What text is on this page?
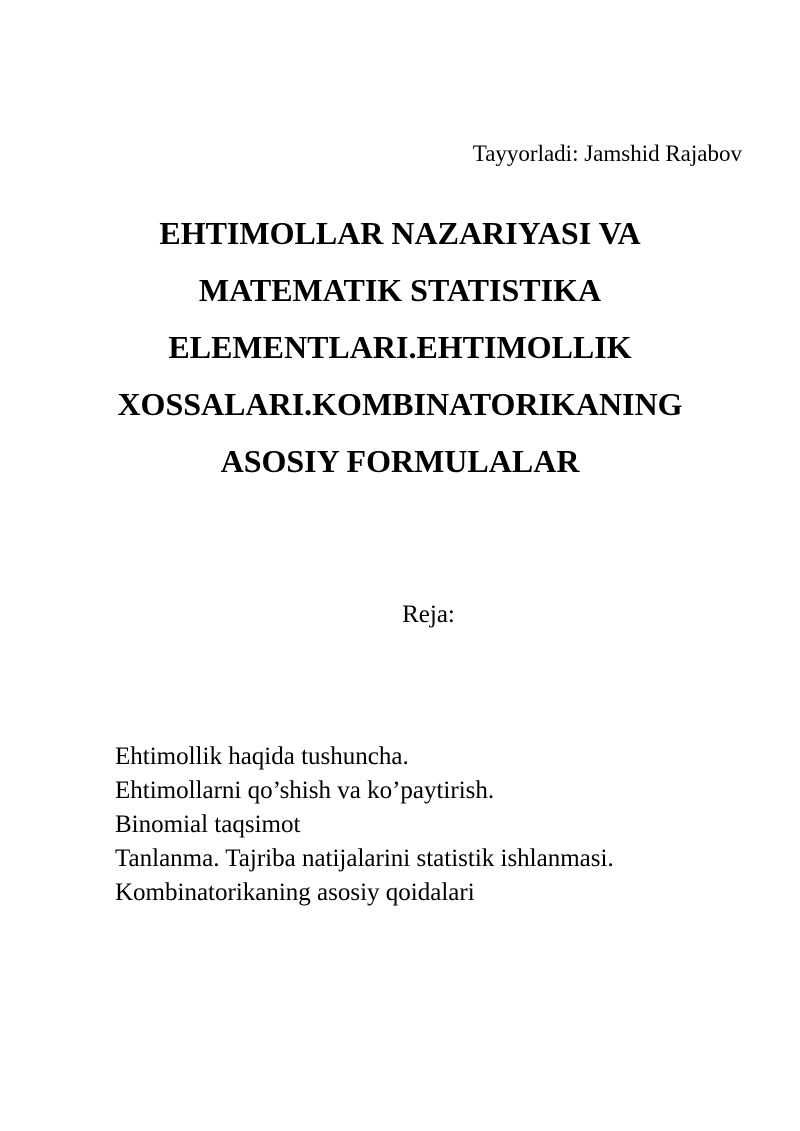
Tayyorladi: Jamshid Rajabov
EHTIMOLLAR NAZARIYASI VA
MATEMATIK STATISTIKA
ELEMENTLARI.EHTIMOLLIK
XOSSALARI.KOMBINATORIKANING
ASOSIY FORMULALAR
Reja:
Ehtimollik haqida tushuncha.
Ehtimollarni qo’shish va ko’paytirish.
Binomial taqsimot
Tanlanma. Tajriba natijalarini statistik ishlanmasi.
Kombinatorikaning asosiy qoidalari
